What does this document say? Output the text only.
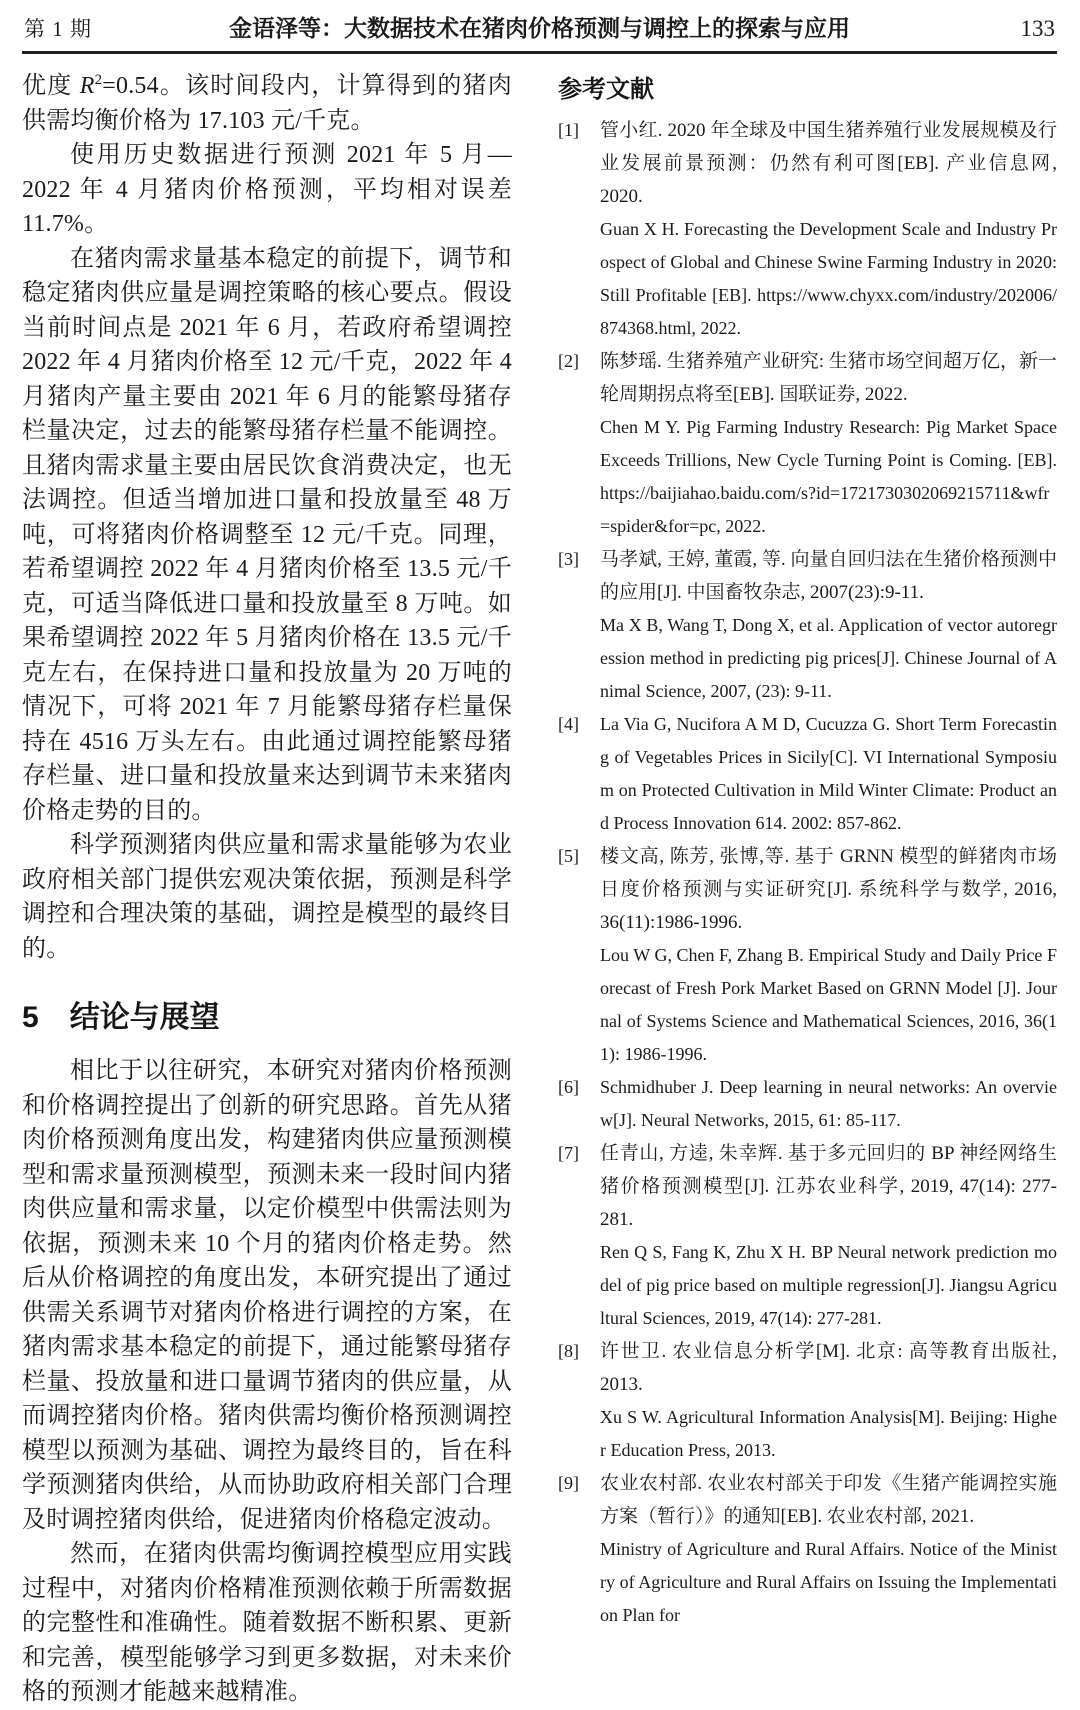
第 1 期	金语泽等：大数据技术在猪肉价格预测与调控上的探索与应用	133

优度 $R^2=0.54$。该时间段内，计算得到的猪肉供需均衡价格为 17.103 元/千克。

使用历史数据进行预测 2021 年 5 月—2022 年 4 月猪肉价格预测，平均相对误差 11.7%。

在猪肉需求量基本稳定的前提下，调节和稳定猪肉供应量是调控策略的核心要点。假设当前时间点是 2021 年 6 月，若政府希望调控 2022 年 4 月猪肉价格至 12 元/千克，2022 年 4 月猪肉产量主要由 2021 年 6 月的能繁母猪存栏量决定，过去的能繁母猪存栏量不能调控。且猪肉需求量主要由居民饮食消费决定，也无法调控。但适当增加进口量和投放量至 48 万吨，可将猪肉价格调整至 12 元/千克。同理，若希望调控 2022 年 4 月猪肉价格至 13.5 元/千克，可适当降低进口量和投放量至 8 万吨。如果希望调控 2022 年 5 月猪肉价格在 13.5 元/千克左右，在保持进口量和投放量为 20 万吨的情况下，可将 2021 年 7 月能繁母猪存栏量保持在 4516 万头左右。由此通过调控能繁母猪存栏量、进口量和投放量来达到调节未来猪肉价格走势的目的。

科学预测猪肉供应量和需求量能够为农业政府相关部门提供宏观决策依据，预测是科学调控和合理决策的基础，调控是模型的最终目的。

5 结论与展望

相比于以往研究，本研究对猪肉价格预测和价格调控提出了创新的研究思路。首先从猪肉价格预测角度出发，构建猪肉供应量预测模型和需求量预测模型，预测未来一段时间内猪肉供应量和需求量，以定价模型中供需法则为依据，预测未来 10 个月的猪肉价格走势。然后从价格调控的角度出发，本研究提出了通过供需关系调节对猪肉价格进行调控的方案，在猪肉需求基本稳定的前提下，通过能繁母猪存栏量、投放量和进口量调节猪肉的供应量，从而调控猪肉价格。猪肉供需均衡价格预测调控模型以预测为基础、调控为最终目的，旨在科学预测猪肉供给，从而协助政府相关部门合理及时调控猪肉供给，促进猪肉价格稳定波动。

然而，在猪肉供需均衡调控模型应用实践过程中，对猪肉价格精准预测依赖于所需数据的完整性和准确性。随着数据不断积累、更新和完善，模型能够学习到更多数据，对未来价格的预测才能越来越精准。

参考文献
[1] 管小红. 2020 年全球及中国生猪养殖行业发展规模及行业发展前景预测：仍然有利可图[EB]. 产业信息网, 2020.

Guan X H. Forecasting the Development Scale and Industry Prospect of Global and Chinese Swine Farming Industry in 2020: Still Profitable [EB]. https://www.chyxx.com/industry/202006/874368.html, 2022.

[2] 陈梦瑶. 生猪养殖产业研究: 生猪市场空间超万亿，新一轮周期拐点将至[EB]. 国联证券, 2022.

Chen M Y. Pig Farming Industry Research: Pig Market Space Exceeds Trillions, New Cycle Turning Point is Coming. [EB]. https://baijiahao.baidu.com/s?id=1721730302069215711&wfr=spider&for=pc, 2022.

[3] 马孝斌, 王婷, 董霞, 等. 向量自回归法在生猪价格预测中的应用[J]. 中国畜牧杂志, 2007(23):9-11.

Ma X B, Wang T, Dong X, et al. Application of vector autoregression method in predicting pig prices[J]. Chinese Journal of Animal Science, 2007, (23): 9-11.

[4] La Via G, Nucifora A M D, Cucuzza G. Short Term Forecasting of Vegetables Prices in Sicily[C]. VI International Symposium on Protected Cultivation in Mild Winter Climate: Product and Process Innovation 614. 2002: 857-862.

[5] 楼文高, 陈芳, 张博,等. 基于 GRNN 模型的鲜猪肉市场日度价格预测与实证研究[J]. 系统科学与数学, 2016, 36(11):1986-1996.

Lou W G, Chen F, Zhang B. Empirical Study and Daily Price Forecast of Fresh Pork Market Based on GRNN Model [J]. Journal of Systems Science and Mathematical Sciences, 2016, 36(11): 1986-1996.

[6] Schmidhuber J. Deep learning in neural networks: An overview[J]. Neural Networks, 2015, 61: 85-117.

[7] 任青山, 方逵, 朱幸辉. 基于多元回归的 BP 神经网络生猪价格预测模型[J]. 江苏农业科学, 2019, 47(14): 277-281.

Ren Q S, Fang K, Zhu X H. BP Neural network prediction model of pig price based on multiple regression[J]. Jiangsu Agricultural Sciences, 2019, 47(14): 277-281.

[8] 许世卫. 农业信息分析学[M]. 北京: 高等教育出版社, 2013.

Xu S W. Agricultural Information Analysis[M]. Beijing: Higher Education Press, 2013.

[9] 农业农村部. 农业农村部关于印发《生猪产能调控实施方案（暂行）》的通知[EB]. 农业农村部, 2021.

Ministry of Agriculture and Rural Affairs. Notice of the Ministry of Agriculture and Rural Affairs on Issuing the Implementation Plan for
